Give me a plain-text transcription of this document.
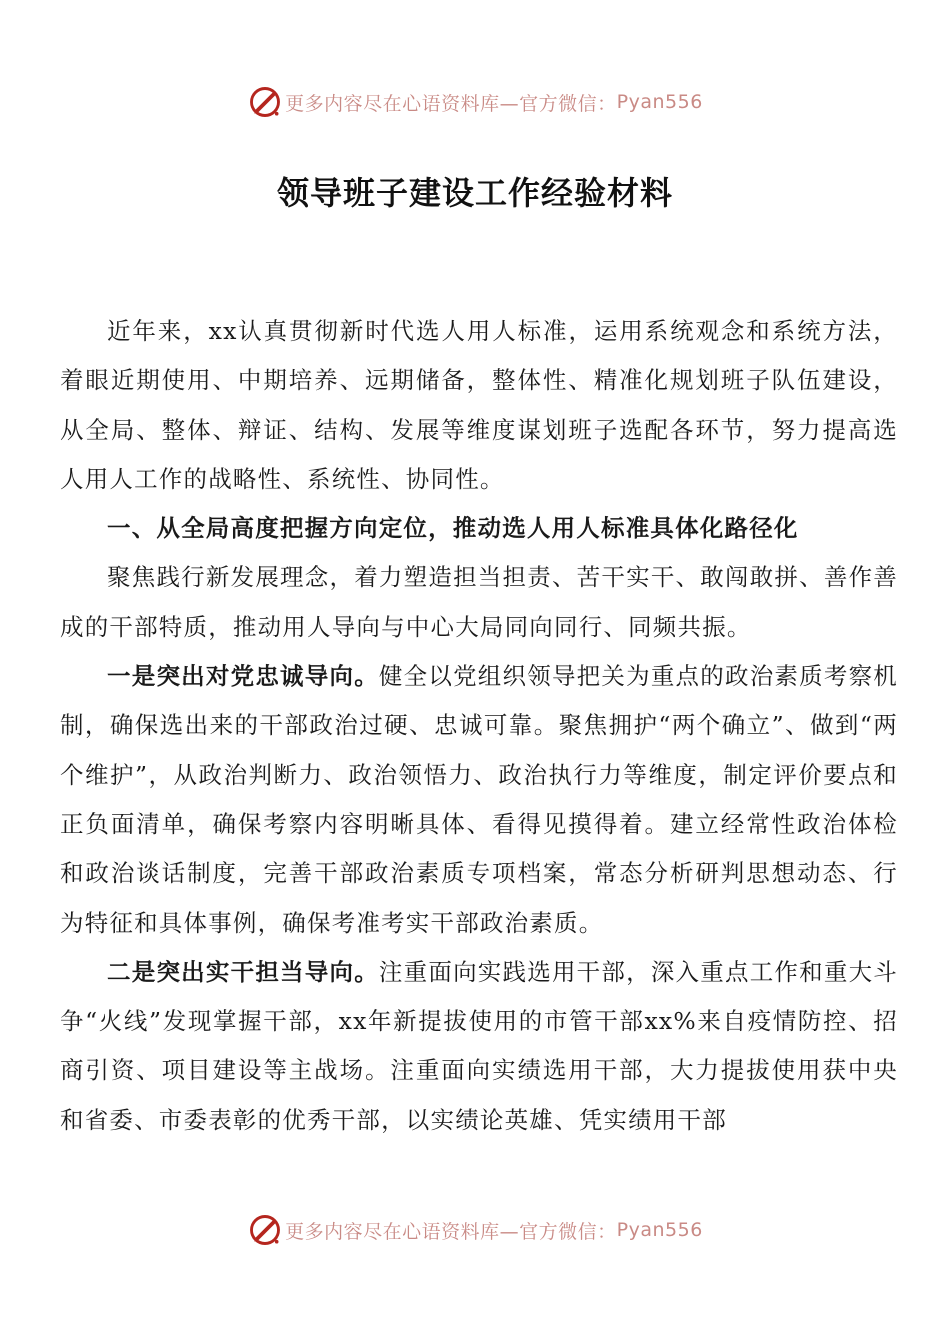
更多内容尽在心语资料库—官方微信： Pyan556
领导班子建设工作经验材料

近年来，xx认真贯彻新时代选人用人标准，运用系统观念和系统方法，着眼近期使用、中期培养、远期储备，整体性、精准化规划班子队伍建设，从全局、整体、辩证、结构、发展等维度谋划班子选配各环节，努力提高选人用人工作的战略性、系统性、协同性。

一、从全局高度把握方向定位，推动选人用人标准具体化路径化

聚焦践行新发展理念，着力塑造担当担责、苦干实干、敢闯敢拼、善作善成的干部特质，推动用人导向与中心大局同向同行、同频共振。

一是突出对党忠诚导向。健全以党组织领导把关为重点的政治素质考察机制，确保选出来的干部政治过硬、忠诚可靠。聚焦拥护“两个确立”、做到“两个维护”，从政治判断力、政治领悟力、政治执行力等维度，制定评价要点和正负面清单，确保考察内容明晰具体、看得见摸得着。建立经常性政治体检和政治谈话制度，完善干部政治素质专项档案，常态分析研判思想动态、行为特征和具体事例，确保考准考实干部政治素质。

二是突出实干担当导向。注重面向实践选用干部，深入重点工作和重大斗争“火线”发现掌握干部，xx年新提拔使用的市管干部xx%来自疫情防控、招商引资、项目建设等主战场。注重面向实绩选用干部，大力提拔使用获中央和省委、市委表彰的优秀干部，以实绩论英雄、凭实绩用干部

更多内容尽在心语资料库—官方微信： Pyan556
